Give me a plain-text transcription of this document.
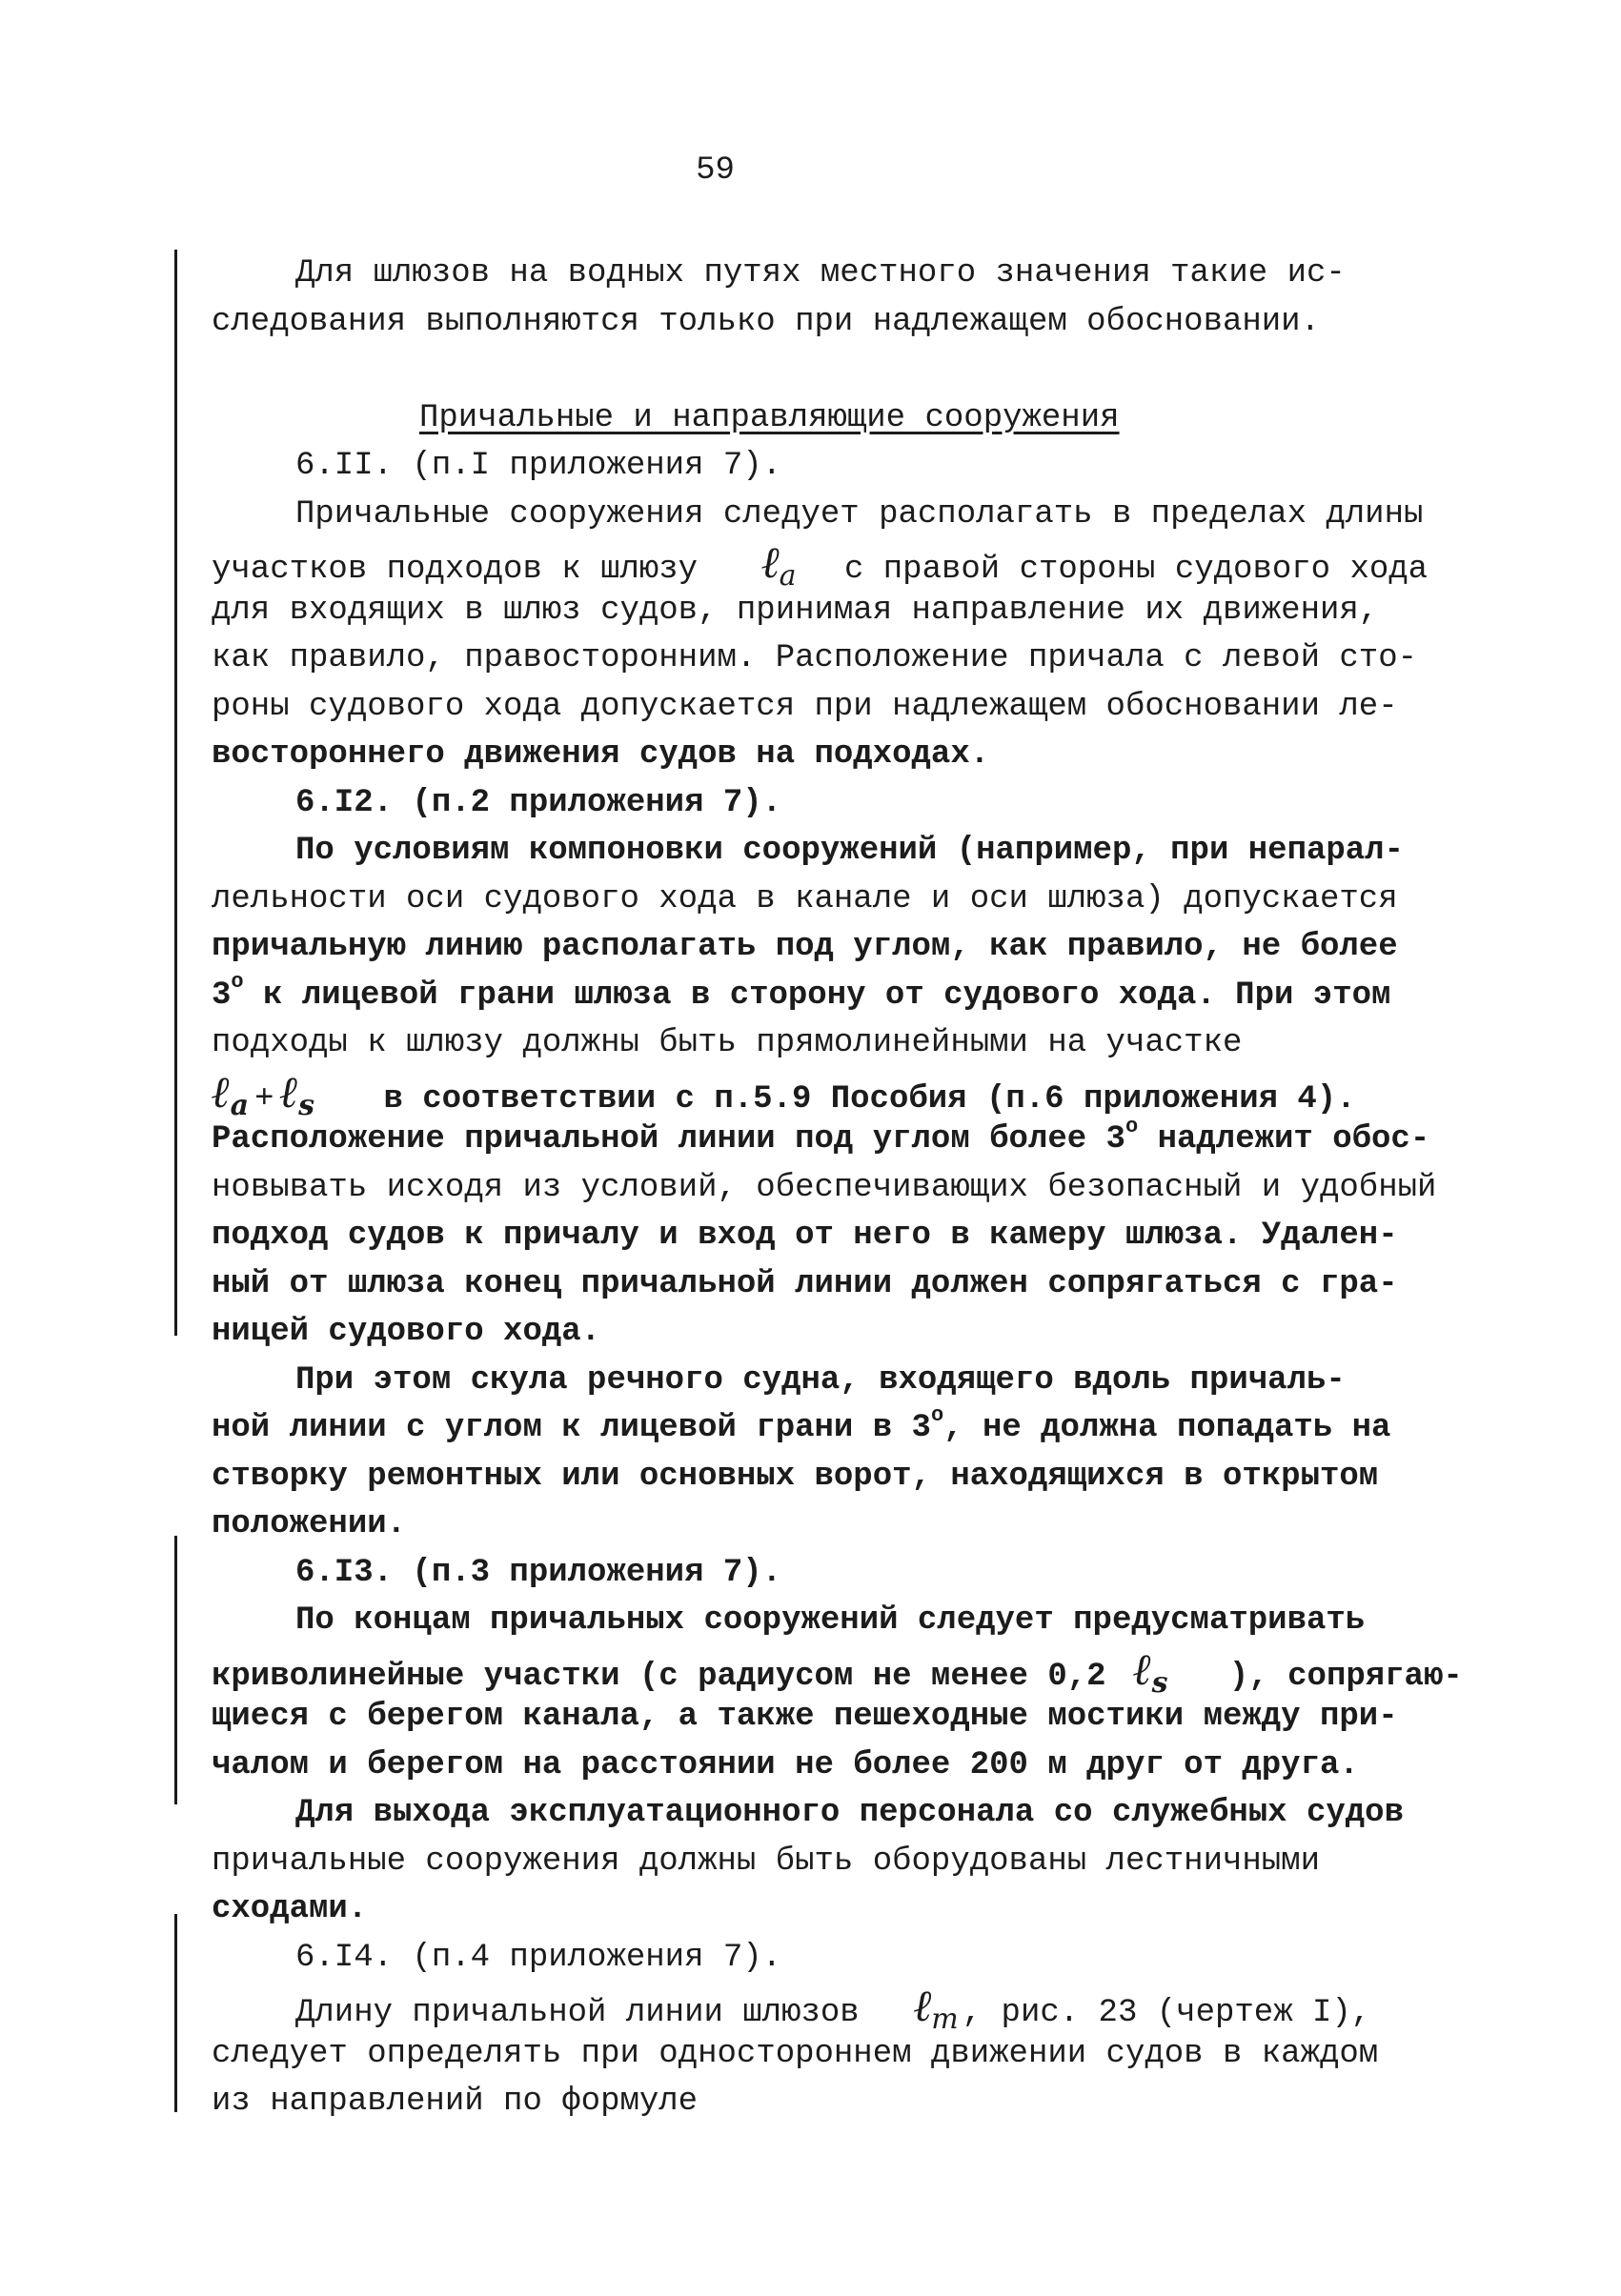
59
Для шлюзов на водных путях местного значения такие ис-
следования выполняются только при надлежащем обосновании.
Причальные и направляющие сооружения
6.II. (п.I приложения 7).
Причальные сооружения следует располагать в пределах длины
участков подходов к шлюзу ℓa с правой стороны судового хода
для входящих в шлюз судов, принимая направление их движения,
как правило, правосторонним. Расположение причала с левой сто-
роны судового хода допускается при надлежащем обосновании ле-
востороннего движения судов на подходах.
6.I2. (п.2 приложения 7).
По условиям компоновки сооружений (например, при непарал-
лельности оси судового хода в канале и оси шлюза) допускается
причальную линию располагать под углом, как правило, не более
$3^о$ к лицевой грани шлюза в сторону от судового хода. При этом
подходы к шлюзу должны быть прямолинейными на участке
ℓa + ℓs в соответствии с п.5.9 Пособия (п.6 приложения 4).
Расположение причальной линии под углом более $3^о$ надлежит обос-
новывать исходя из условий, обеспечивающих безопасный и удобный
подход судов к причалу и вход от него в камеру шлюза. Удален-
ный от шлюза конец причальной линии должен сопрягаться с гра-
ницей судового хода.
При этом скула речного судна, входящего вдоль причаль-
ной линии с углом к лицевой грани в $3^о$, не должна попадать на
створку ремонтных или основных ворот, находящихся в открытом
положении.
6.I3. (п.3 приложения 7).
По концам причальных сооружений следует предусматривать
криволинейные участки (с радиусом не менее 0,2 ℓs ), сопрягаю-
щиеся с берегом канала, а также пешеходные мостики между при-
чалом и берегом на расстоянии не более 200 м друг от друга.
Для выхода эксплуатационного персонала со служебных судов
причальные сооружения должны быть оборудованы лестничными
сходами.
6.I4. (п.4 приложения 7).
Длину причальной линии шлюзов ℓm , рис. 23 (чертеж I),
следует определять при одностороннем движении судов в каждом
из направлений по формуле
